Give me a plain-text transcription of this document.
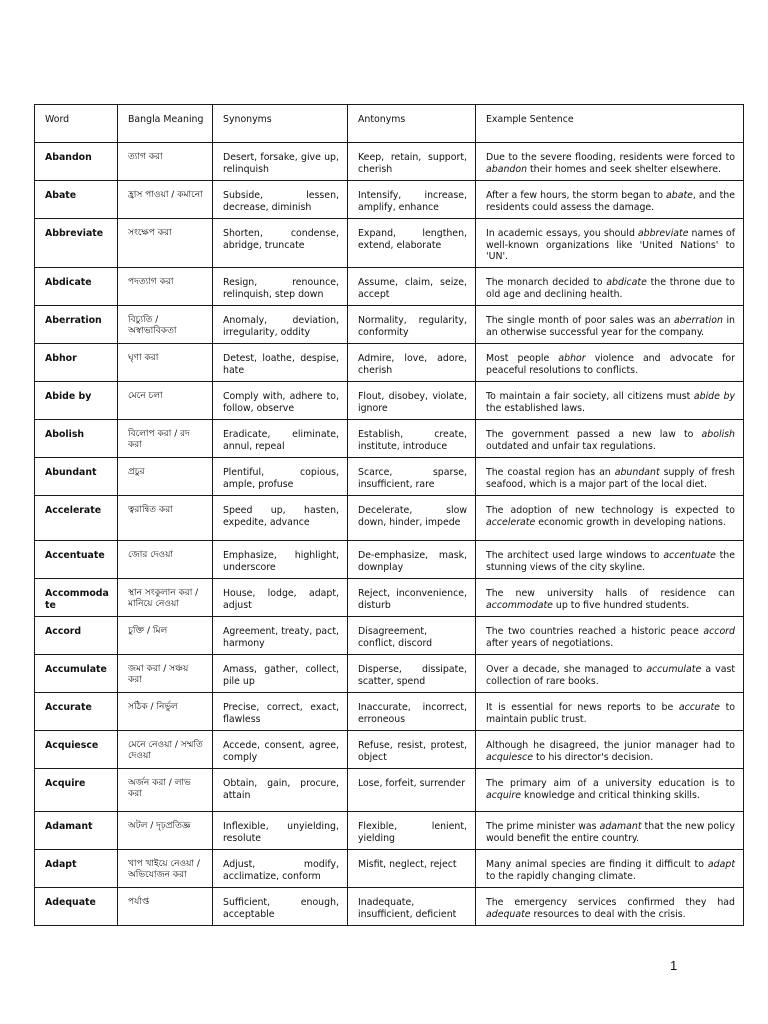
Word	Bangla Meaning	Synonyms	Antonyms	Example Sentence
Abandon	ত্যাগ করা	Desert, forsake, give up, relinquish	Keep, retain, support, cherish	Due to the severe flooding, residents were forced to abandon their homes and seek shelter elsewhere.
Abate	হ্রাস পাওয়া / কমানো	Subside, lessen, decrease, diminish	Intensify, increase, amplify, enhance	After a few hours, the storm began to abate, and the residents could assess the damage.
Abbreviate	সংক্ষেপ করা	Shorten, condense, abridge, truncate	Expand, lengthen, extend, elaborate	In academic essays, you should abbreviate names of well-known organizations like 'United Nations' to 'UN'.
Abdicate	পদত্যাগ করা	Resign, renounce, relinquish, step down	Assume, claim, seize, accept	The monarch decided to abdicate the throne due to old age and declining health.
Aberration	বিচ্যুতি / অস্বাভাবিকতা	Anomaly, deviation, irregularity, oddity	Normality, regularity, conformity	The single month of poor sales was an aberration in an otherwise successful year for the company.
Abhor	ঘৃণা করা	Detest, loathe, despise, hate	Admire, love, adore, cherish	Most people abhor violence and advocate for peaceful resolutions to conflicts.
Abide by	মেনে চলা	Comply with, adhere to, follow, observe	Flout, disobey, violate, ignore	To maintain a fair society, all citizens must abide by the established laws.
Abolish	বিলোপ করা / রদ করা	Eradicate, eliminate, annul, repeal	Establish, create, institute, introduce	The government passed a new law to abolish outdated and unfair tax regulations.
Abundant	প্রচুর	Plentiful, copious, ample, profuse	Scarce, sparse, insufficient, rare	The coastal region has an abundant supply of fresh seafood, which is a major part of the local diet.
Accelerate	ত্বরান্বিত করা	Speed up, hasten, expedite, advance	Decelerate, slow down, hinder, impede	The adoption of new technology is expected to accelerate economic growth in developing nations.
Accentuate	জোর দেওয়া	Emphasize, highlight, underscore	De-emphasize, mask, downplay	The architect used large windows to accentuate the stunning views of the city skyline.
Accommoda te	স্থান সংকুলান করা / মানিয়ে নেওয়া	House, lodge, adapt, adjust	Reject, inconvenience, disturb	The new university halls of residence can accommodate up to five hundred students.
Accord	চুক্তি / মিল	Agreement, treaty, pact, harmony	Disagreement, conflict, discord	The two countries reached a historic peace accord after years of negotiations.
Accumulate	জমা করা / সঞ্চয় করা	Amass, gather, collect, pile up	Disperse, dissipate, scatter, spend	Over a decade, she managed to accumulate a vast collection of rare books.
Accurate	সঠিক / নির্ভুল	Precise, correct, exact, flawless	Inaccurate, incorrect, erroneous	It is essential for news reports to be accurate to maintain public trust.
Acquiesce	মেনে নেওয়া / সম্মতি দেওয়া	Accede, consent, agree, comply	Refuse, resist, protest, object	Although he disagreed, the junior manager had to acquiesce to his director's decision.
Acquire	অর্জন করা / লাভ করা	Obtain, gain, procure, attain	Lose, forfeit, surrender	The primary aim of a university education is to acquire knowledge and critical thinking skills.
Adamant	অটল / দৃঢ়প্রতিজ্ঞ	Inflexible, unyielding, resolute	Flexible, lenient, yielding	The prime minister was adamant that the new policy would benefit the entire country.
Adapt	খাপ খাইয়ে নেওয়া / অভিযোজন করা	Adjust, modify, acclimatize, conform	Misfit, neglect, reject	Many animal species are finding it difficult to adapt to the rapidly changing climate.
Adequate	পর্যাপ্ত	Sufficient, enough, acceptable	Inadequate, insufficient, deficient	The emergency services confirmed they had adequate resources to deal with the crisis.
1
